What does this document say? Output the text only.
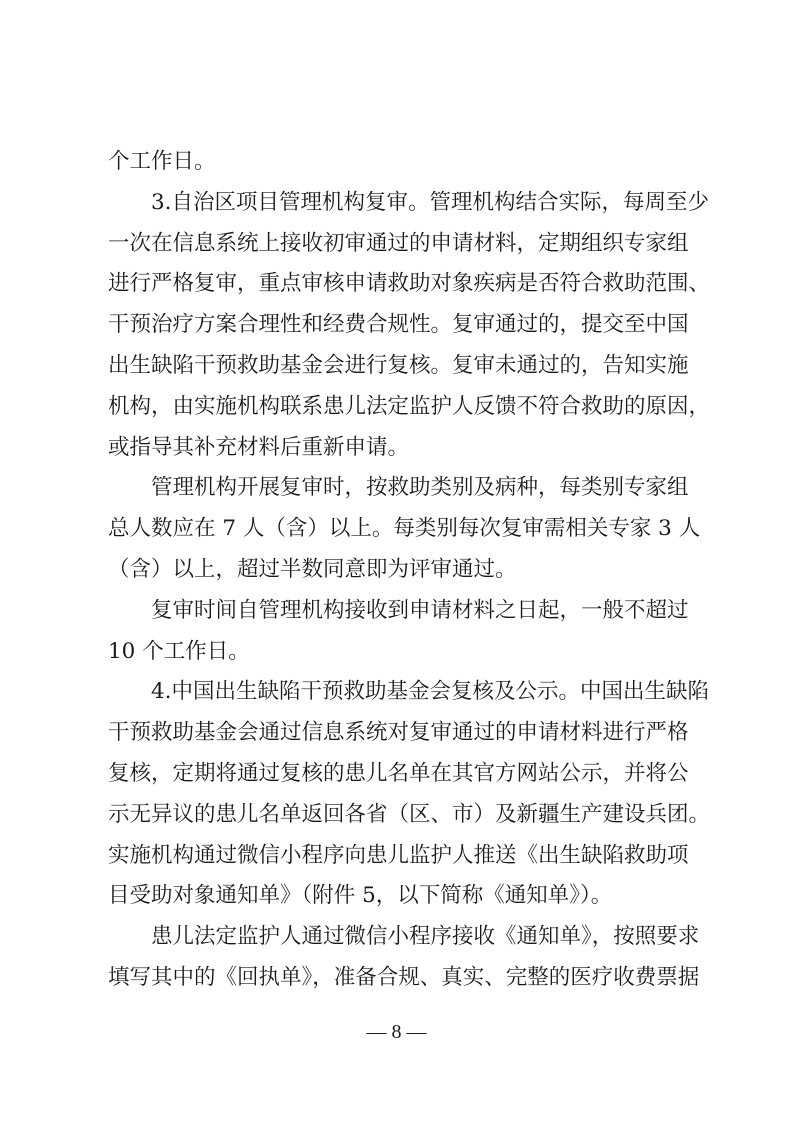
个工作日。
3.自治区项目管理机构复审。管理机构结合实际，每周至少
一次在信息系统上接收初审通过的申请材料，定期组织专家组
进行严格复审，重点审核申请救助对象疾病是否符合救助范围、
干预治疗方案合理性和经费合规性。复审通过的，提交至中国
出生缺陷干预救助基金会进行复核。复审未通过的，告知实施
机构，由实施机构联系患儿法定监护人反馈不符合救助的原因，
或指导其补充材料后重新申请。
管理机构开展复审时，按救助类别及病种，每类别专家组
总人数应在 7 人（含）以上。每类别每次复审需相关专家 3 人
（含）以上，超过半数同意即为评审通过。
复审时间自管理机构接收到申请材料之日起，一般不超过
10 个工作日。
4.中国出生缺陷干预救助基金会复核及公示。中国出生缺陷
干预救助基金会通过信息系统对复审通过的申请材料进行严格
复核，定期将通过复核的患儿名单在其官方网站公示，并将公
示无异议的患儿名单返回各省（区、市）及新疆生产建设兵团。
实施机构通过微信小程序向患儿监护人推送《出生缺陷救助项
目受助对象通知单》（附件 5，以下简称《通知单》）。
患儿法定监护人通过微信小程序接收《通知单》，按照要求
填写其中的《回执单》，准备合规、真实、完整的医疗收费票据
— 8 —
